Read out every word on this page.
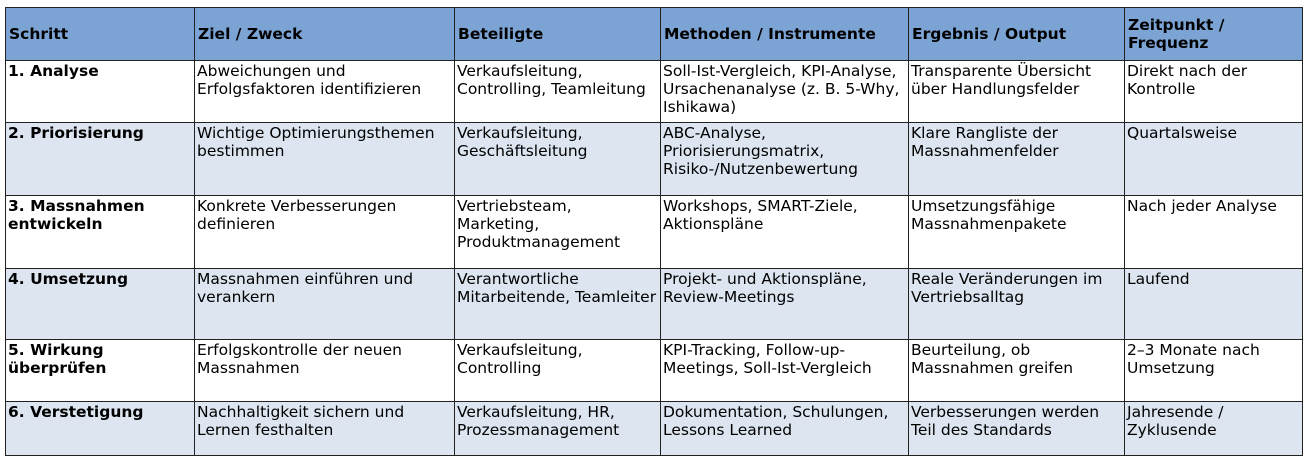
Schritt	Ziel / Zweck	Beteiligte	Methoden / Instrumente	Ergebnis / Output	Zeitpunkt / Frequenz
1. Analyse	Abweichungen und Erfolgsfaktoren identifizieren	Verkaufsleitung, Controlling, Teamleitung	Soll-Ist-Vergleich, KPI-Analyse, Ursachenanalyse (z. B. 5-Why, Ishikawa)	Transparente Übersicht über Handlungsfelder	Direkt nach der Kontrolle
2. Priorisierung	Wichtige Optimierungsthemen bestimmen	Verkaufsleitung, Geschäftsleitung	ABC-Analyse, Priorisierungsmatrix, Risiko-/Nutzenbewertung	Klare Rangliste der Massnahmenfelder	Quartalsweise
3. Massnahmen entwickeln	Konkrete Verbesserungen definieren	Vertriebsteam, Marketing, Produktmanagement	Workshops, SMART-Ziele, Aktionspläne	Umsetzungsfähige Massnahmenpakete	Nach jeder Analyse
4. Umsetzung	Massnahmen einführen und verankern	Verantwortliche Mitarbeitende, Teamleiter	Projekt- und Aktionspläne, Review-Meetings	Reale Veränderungen im Vertriebsalltag	Laufend
5. Wirkung überprüfen	Erfolgskontrolle der neuen Massnahmen	Verkaufsleitung, Controlling	KPI-Tracking, Follow-up-Meetings, Soll-Ist-Vergleich	Beurteilung, ob Massnahmen greifen	2–3 Monate nach Umsetzung
6. Verstetigung	Nachhaltigkeit sichern und Lernen festhalten	Verkaufsleitung, HR, Prozessmanagement	Dokumentation, Schulungen, Lessons Learned	Verbesserungen werden Teil des Standards	Jahresende / Zyklusende
